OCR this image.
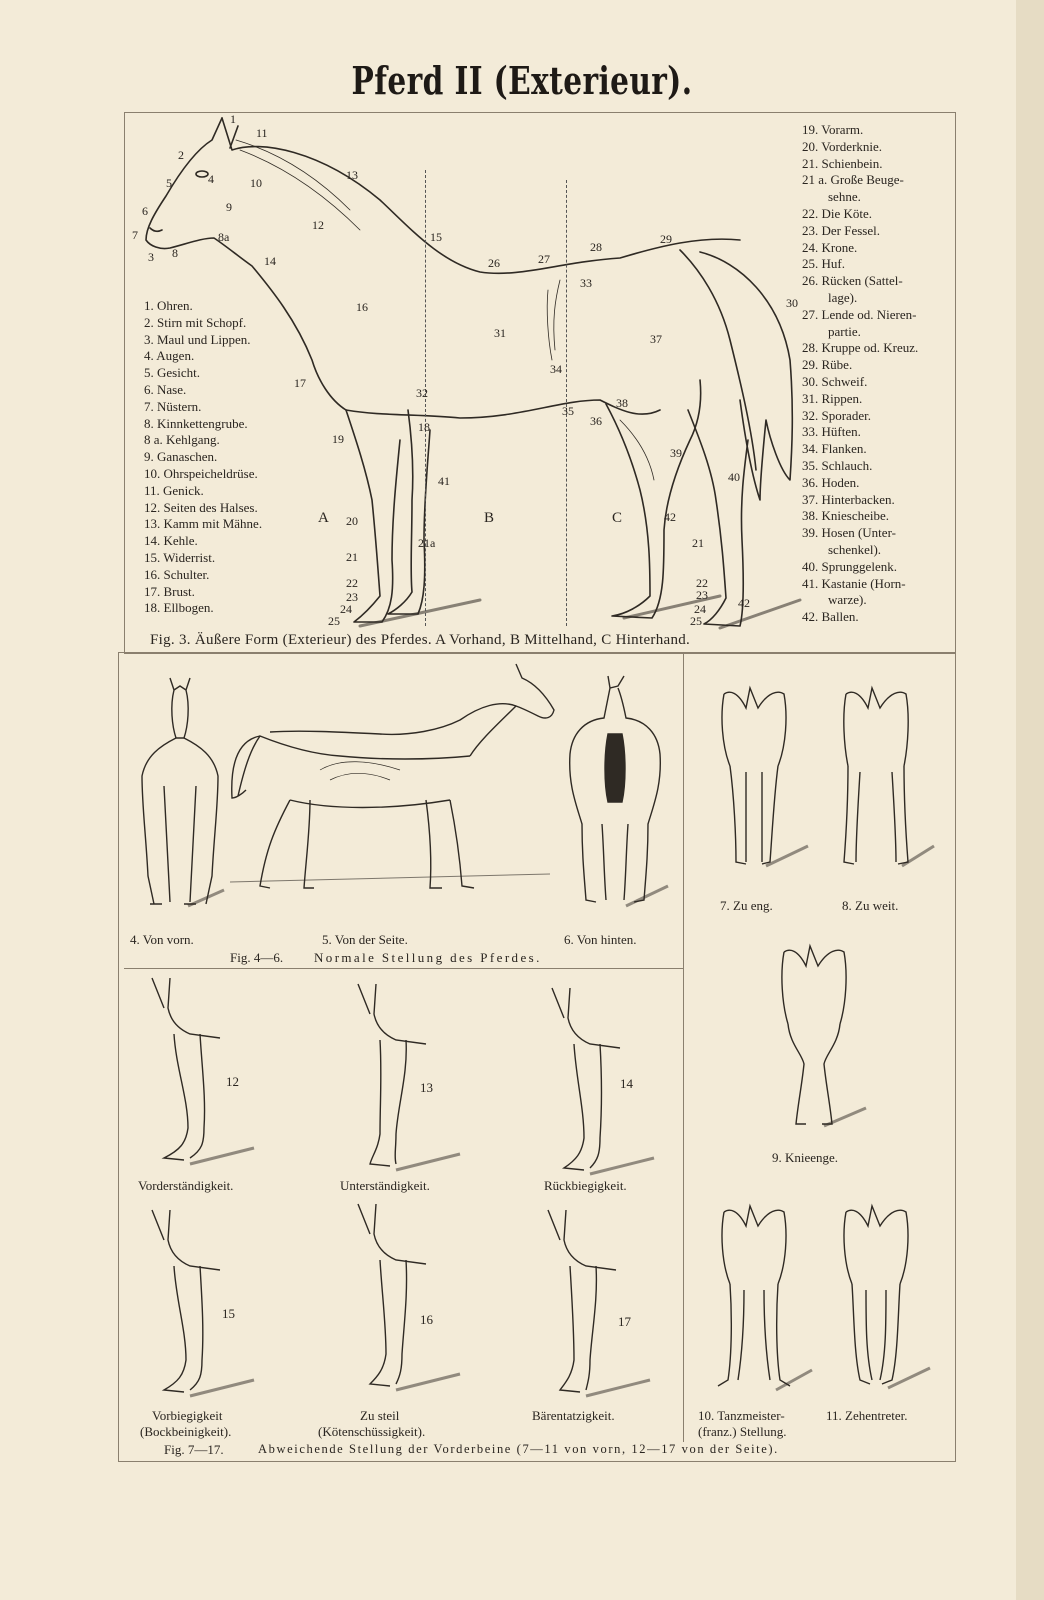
Pferd II (Exterieur).
1. Ohren.
2. Stirn mit Schopf.
3. Maul und Lippen.
4. Augen.
5. Gesicht.
6. Nase.
7. Nüstern.
8. Kinnkettengrube.
8 a. Kehlgang.
9. Ganaschen.
10. Ohrspeicheldrüse.
11. Genick.
12. Seiten des Halses.
13. Kamm mit Mähne.
14. Kehle.
15. Widerrist.
16. Schulter.
17. Brust.
18. Ellbogen.
19. Vorarm.
20. Vorderknie.
21. Schienbein.
21 a. Große Beuge-
sehne.
22. Die Köte.
23. Der Fessel.
24. Krone.
25. Huf.
26. Rücken (Sattel-
lage).
27. Lende od. Nieren-
partie.
28. Kruppe od. Kreuz.
29. Rübe.
30. Schweif.
31. Rippen.
32. Sporader.
33. Hüften.
34. Flanken.
35. Schlauch.
36. Hoden.
37. Hinterbacken.
38. Kniescheibe.
39. Hosen (Unter-
schenkel).
40. Sprunggelenk.
41. Kastanie (Horn-
warze).
42. Ballen.
A	B	C
1
2
3
4
5
6
7
8
8a
9
10
11
12
13
14
15
16
17
18
19
20
21
21a
22
23
24
25
26	27
28
29
30
31
32
33
34
35
36
37
38
39
40
41
42
21
22
23
24
25
42
Fig. 3. Äußere Form (Exterieur) des Pferdes. A Vorhand, B Mittelhand, C Hinterhand.
4. Von vorn.	5. Von der Seite.	6. Von hinten.
Fig. 4—6. Normale Stellung des Pferdes.
7. Zu eng.	8. Zu weit.
9. Knieenge.
12	13	14
15	16	17
Vorderständigkeit.	Unterständigkeit.	Rückbiegigkeit.
Vorbiegigkeit
(Bockbeinigkeit).
Zu steil
(Kötenschüssigkeit).
Bärentatzigkeit.	10. Tanzmeister-
(franz.) Stellung.
11. Zehentreter.
Fig. 7—17.	Abweichende Stellung der Vorderbeine (7—11 von vorn, 12—17 von der Seite).
